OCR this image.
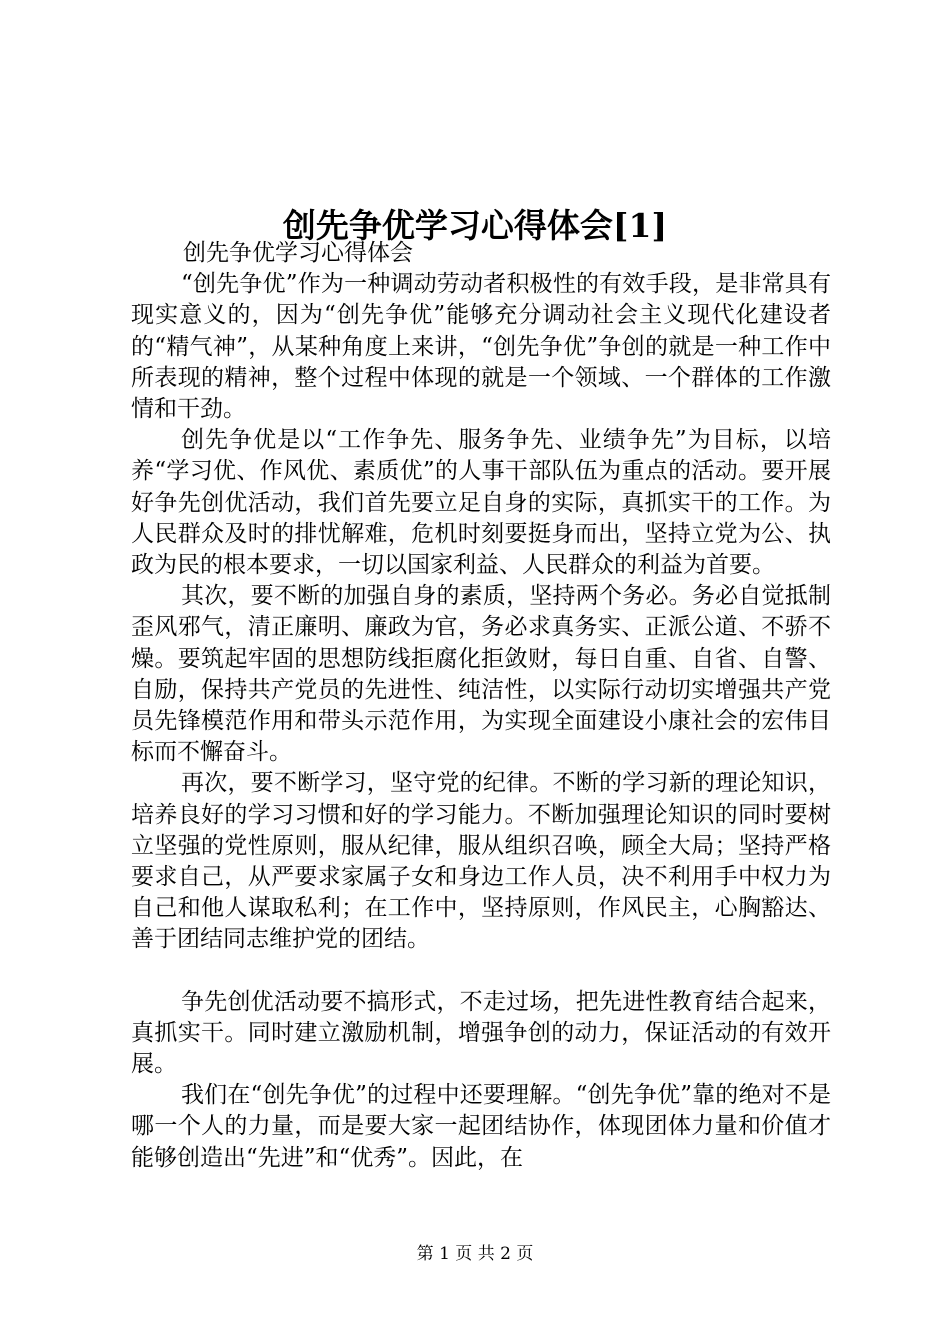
创先争优学习心得体会[1]

创先争优学习心得体会

“创先争优”作为一种调动劳动者积极性的有效手段，是非常具有现实意义的，因为“创先争优”能够充分调动社会主义现代化建设者的“精气神”，从某种角度上来讲，“创先争优”争创的就是一种工作中所表现的精神，整个过程中体现的就是一个领域、一个群体的工作激情和干劲。

创先争优是以“工作争先、服务争先、业绩争先”为目标，以培养“学习优、作风优、素质优”的人事干部队伍为重点的活动。要开展好争先创优活动，我们首先要立足自身的实际，真抓实干的工作。为人民群众及时的排忧解难，危机时刻要挺身而出，坚持立党为公、执政为民的根本要求，一切以国家利益、人民群众的利益为首要。

其次，要不断的加强自身的素质，坚持两个务必。务必自觉抵制歪风邪气，清正廉明、廉政为官，务必求真务实、正派公道、不骄不燥。要筑起牢固的思想防线拒腐化拒敛财，每日自重、自省、自警、自励，保持共产党员的先进性、纯洁性，以实际行动切实增强共产党员先锋模范作用和带头示范作用，为实现全面建设小康社会的宏伟目标而不懈奋斗。

再次，要不断学习，坚守党的纪律。不断的学习新的理论知识，培养良好的学习习惯和好的学习能力。不断加强理论知识的同时要树立坚强的党性原则，服从纪律，服从组织召唤，顾全大局；坚持严格要求自己，从严要求家属子女和身边工作人员，决不利用手中权力为自己和他人谋取私利；在工作中，坚持原则，作风民主，心胸豁达、善于团结同志维护党的团结。

争先创优活动要不搞形式，不走过场，把先进性教育结合起来，真抓实干。同时建立激励机制，增强争创的动力，保证活动的有效开展。

我们在“创先争优”的过程中还要理解。“创先争优”靠的绝对不是哪一个人的力量，而是要大家一起团结协作，体现团体力量和价值才能够创造出“先进”和“优秀”。因此，在

第 1 页 共 2 页
